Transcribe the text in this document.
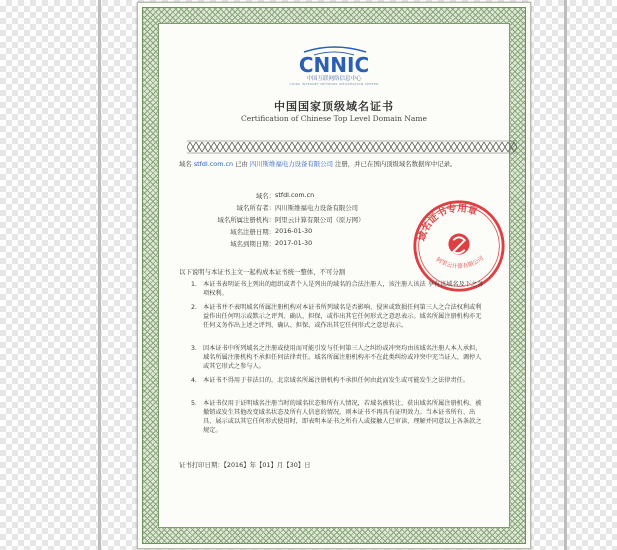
CNNIC
中国互联网络信息中心
CHINA INTERNET NETWORK INFORMATION CENTER
中国国家顶级域名证书
Certification of Chinese Top Level Domain Name
域名 stfdl.com.cn 已由 四川斯维福电力设备有限公司 注册，并已在国内顶级域名数据库中记录。
域名： stfdl.com.cn
域名所有者： 四川斯维福电力设备有限公司
域名所属注册机构： 阿里云计算有限公司（原万网）
域名注册日期： 2016-01-30
域名到期日期： 2017-01-30
域名证书专用章
阿里云计算有限公司
以下说明与本证书主文一起构成本证书统一整体，不可分割
1． 本证书表明证书上列出的组织或者个人是列出的域名的合法注册人，该注册人该法 享有该域名及下之各项权利。
2． 本证书并不表明域名所属注册机构对本证书所列域名是否影响、侵害或致损任何第三人之合法权利或利益作出任何明示或默示之评判、确认、担保，或作出其它任何形式之意思表示。域名所属注册机构亦无任何义务作出上述之评判、确认、担保，或作出其它任何形式之意思表示。
3． 因本证书中所列域名之注册或使用而可能引发与任何第三人之纠纷或冲突均由该域名注册人本人承担，域名所属注册机构不承担任何法律责任。域名所属注册机构亦不在此类纠纷或冲突中充当证人、调停人或其它形式之参与人。
4． 本证书不得用于非法目的，北京域名所属注册机构不承担任何由此而发生或可能发生之法律责任。
5． 本证书仅用于证明域名注册当时的域名状态和所有人情况，若域名被转让、获出域名所属注册机构、被撤销或发生其他改变域名状态及所有人信息的情况，则本证书不再具有证明效力。当本证书所有、出具、展示或以其它任何形式使用时，即表明本证书之所有人或接触人已审读、理解并同意以上各条款之规定。
证书打印日期：【2016】年【01】月【30】日
